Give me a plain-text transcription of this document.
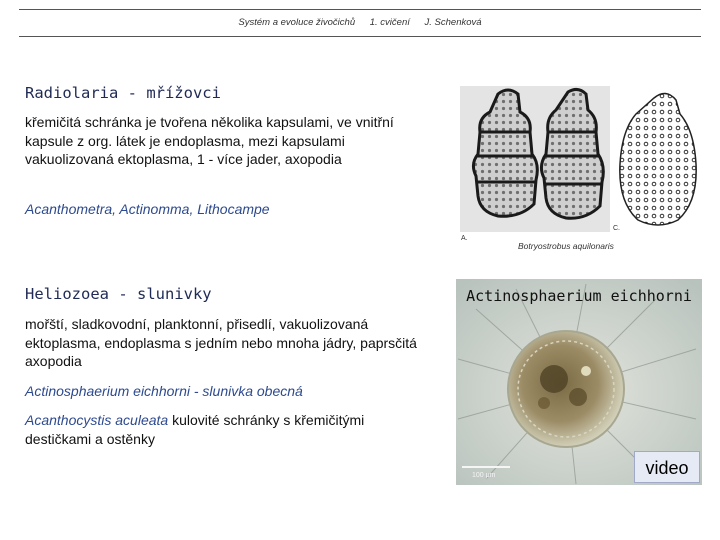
Systém a evoluce živočichů 1. cvičení J. Schenková
Radiolaria - mřížovci
křemičitá schránka je tvořena několika kapsulami, ve vnitřní kapsule z org. látek je endoplasma, mezi kapsulami vakuolizovaná ektoplasma, 1 - více jader, axopodia
Acanthometra, Actinomma, Lithocampe
A.
C.
Botryostrobus aquilonaris
Heliozoea - slunivky
mořští, sladkovodní, planktonní, přisedlí, vakuolizovaná ektoplasma, endoplasma s jedním nebo mnoha jádry, paprsčitá axopodia
Actinosphaerium eichhorni - slunivka obecná
Acanthocystis aculeata kulovité schránky s křemičitými destičkami a ostěnky
100 μm
Actinosphaerium eichhorni
video
